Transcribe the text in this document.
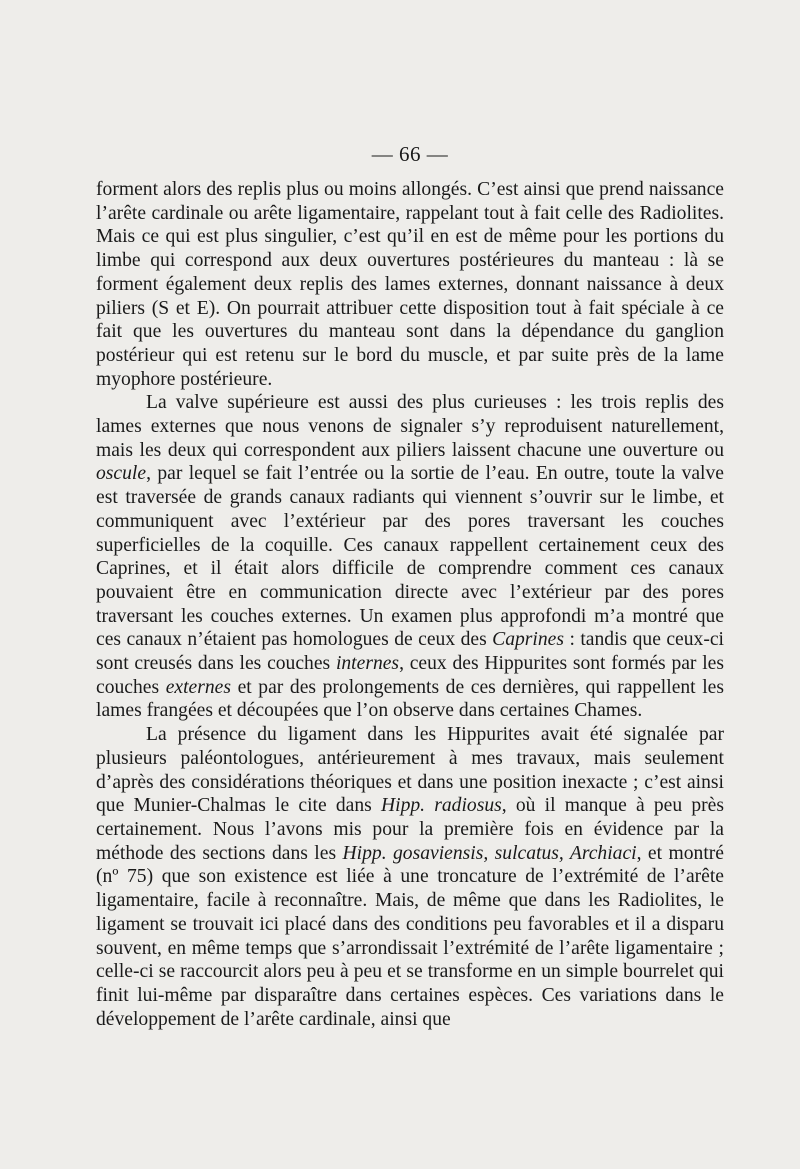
— 66 —

forment alors des replis plus ou moins allongés. C’est ainsi que prend naissance l’arête cardinale ou arête ligamentaire, rappelant tout à fait celle des Radiolites. Mais ce qui est plus singulier, c’est qu’il en est de même pour les portions du limbe qui correspond aux deux ouvertures postérieures du manteau : là se forment également deux replis des lames externes, donnant naissance à deux piliers (S et E). On pourrait attribuer cette disposition tout à fait spéciale à ce fait que les ouvertures du manteau sont dans la dépendance du ganglion postérieur qui est retenu sur le bord du muscle, et par suite près de la lame myophore postérieure.

La valve supérieure est aussi des plus curieuses : les trois replis des lames externes que nous venons de signaler s’y reproduisent naturellement, mais les deux qui correspondent aux piliers laissent chacune une ouverture ou oscule, par lequel se fait l’entrée ou la sortie de l’eau. En outre, toute la valve est traversée de grands canaux radiants qui viennent s’ouvrir sur le limbe, et communiquent avec l’extérieur par des pores traversant les couches superficielles de la coquille. Ces canaux rappellent certainement ceux des Caprines, et il était alors difficile de comprendre comment ces canaux pouvaient être en communication directe avec l’extérieur par des pores traversant les couches externes. Un examen plus approfondi m’a montré que ces canaux n’étaient pas homologues de ceux des Caprines : tandis que ceux-ci sont creusés dans les couches internes, ceux des Hippurites sont formés par les couches externes et par des prolongements de ces dernières, qui rappellent les lames frangées et découpées que l’on observe dans certaines Chames.

La présence du ligament dans les Hippurites avait été signalée par plusieurs paléontologues, antérieurement à mes travaux, mais seulement d’après des considérations théoriques et dans une position inexacte ; c’est ainsi que Munier-Chalmas le cite dans Hipp. radiosus, où il manque à peu près certainement. Nous l’avons mis pour la première fois en évidence par la méthode des sections dans les Hipp. gosaviensis, sulcatus, Archiaci, et montré (nº 75) que son existence est liée à une troncature de l’extrémité de l’arête ligamentaire, facile à reconnaître. Mais, de même que dans les Radiolites, le ligament se trouvait ici placé dans des conditions peu favorables et il a disparu souvent, en même temps que s’arrondissait l’extrémité de l’arête ligamentaire ; celle-ci se raccourcit alors peu à peu et se transforme en un simple bourrelet qui finit lui-même par disparaître dans certaines espèces. Ces variations dans le développement de l’arête cardinale, ainsi que
